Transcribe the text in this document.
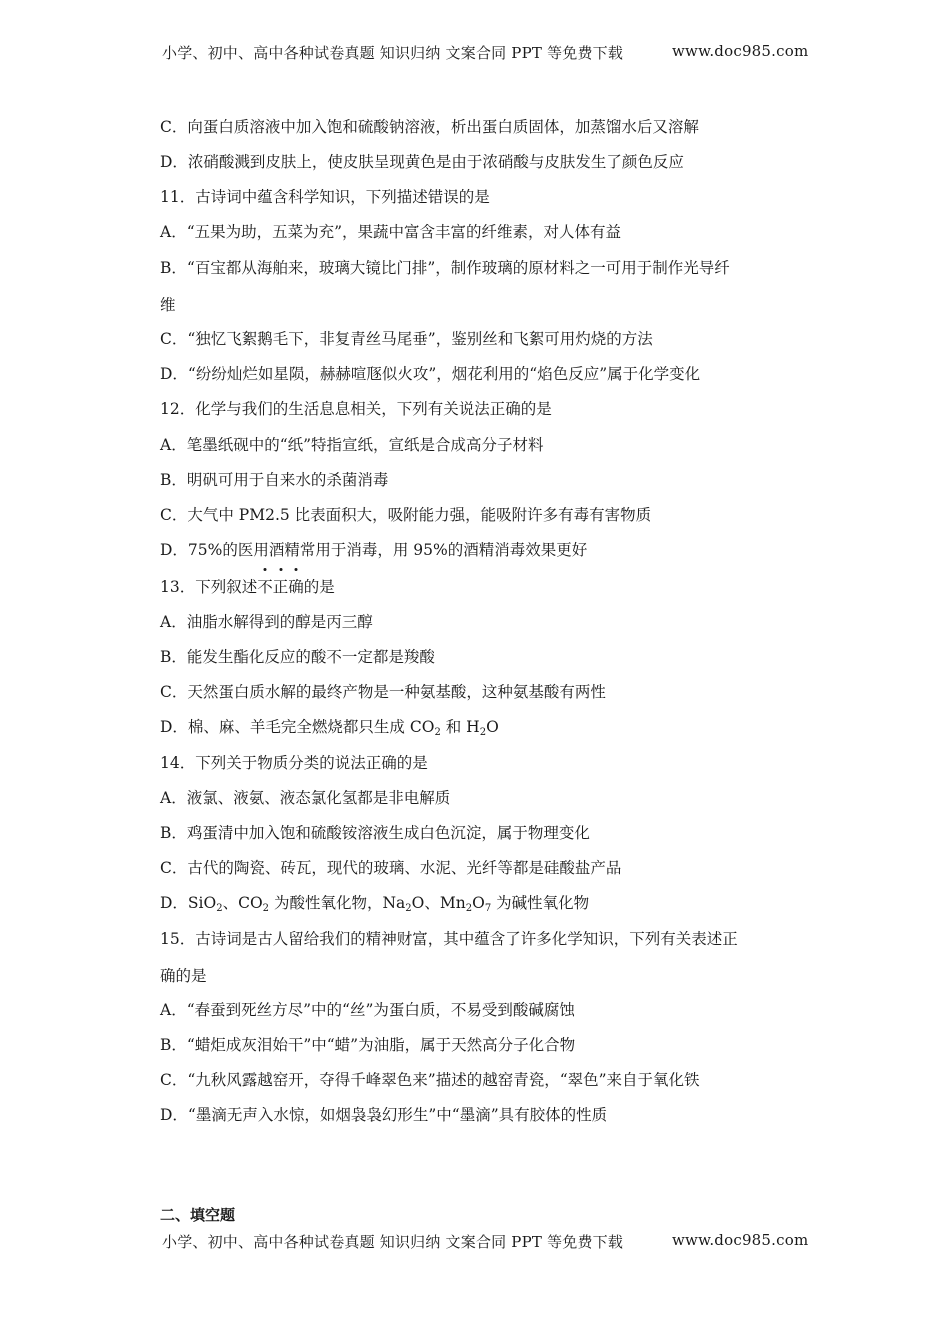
小学、初中、高中各种试卷真题 知识归纳 文案合同 PPT 等免费下载	www.doc985.com
C．向蛋白质溶液中加入饱和硫酸钠溶液，析出蛋白质固体，加蒸馏水后又溶解
D．浓硝酸溅到皮肤上，使皮肤呈现黄色是由于浓硝酸与皮肤发生了颜色反应
11．古诗词中蕴含科学知识，下列描述错误的是
A．“五果为助，五菜为充”，果蔬中富含丰富的纤维素，对人体有益
B．“百宝都从海舶来，玻璃大镜比门排”，制作玻璃的原材料之一可用于制作光导纤
维
C．“独忆飞絮鹅毛下，非复青丝马尾垂”，鉴别丝和飞絮可用灼烧的方法
D．“纷纷灿烂如星陨，赫赫喧豗似火攻”，烟花利用的“焰色反应”属于化学变化
12．化学与我们的生活息息相关，下列有关说法正确的是
A．笔墨纸砚中的“纸”特指宣纸，宣纸是合成高分子材料
B．明矾可用于自来水的杀菌消毒
C．大气中 PM2.5 比表面积大，吸附能力强，能吸附许多有毒有害物质
D．75%的医用酒精常用于消毒，用 95%的酒精消毒效果更好
13．下列叙述不正确的是
A．油脂水解得到的醇是丙三醇
B．能发生酯化反应的酸不一定都是羧酸
C．天然蛋白质水解的最终产物是一种氨基酸，这种氨基酸有两性
D．棉、麻、羊毛完全燃烧都只生成 $CO_2$ 和 $H_2O$
14．下列关于物质分类的说法正确的是
A．液氯、液氨、液态氯化氢都是非电解质
B．鸡蛋清中加入饱和硫酸铵溶液生成白色沉淀，属于物理变化
C．古代的陶瓷、砖瓦，现代的玻璃、水泥、光纤等都是硅酸盐产品
D．SiO$_2$、$CO_2$ 为酸性氧化物，$Na_2O$、$Mn_2O_7$ 为碱性氧化物
15．古诗词是古人留给我们的精神财富，其中蕴含了许多化学知识，下列有关表述正
确的是
A．“春蚕到死丝方尽”中的“丝”为蛋白质，不易受到酸碱腐蚀
B．“蜡炬成灰泪始干”中“蜡”为油脂，属于天然高分子化合物
C．“九秋风露越窑开，夺得千峰翠色来”描述的越窑青瓷，“翠色”来自于氧化铁
D．“墨滴无声入水惊，如烟袅袅幻形生”中“墨滴”具有胶体的性质
二、填空题
小学、初中、高中各种试卷真题 知识归纳 文案合同 PPT 等免费下载	www.doc985.com
